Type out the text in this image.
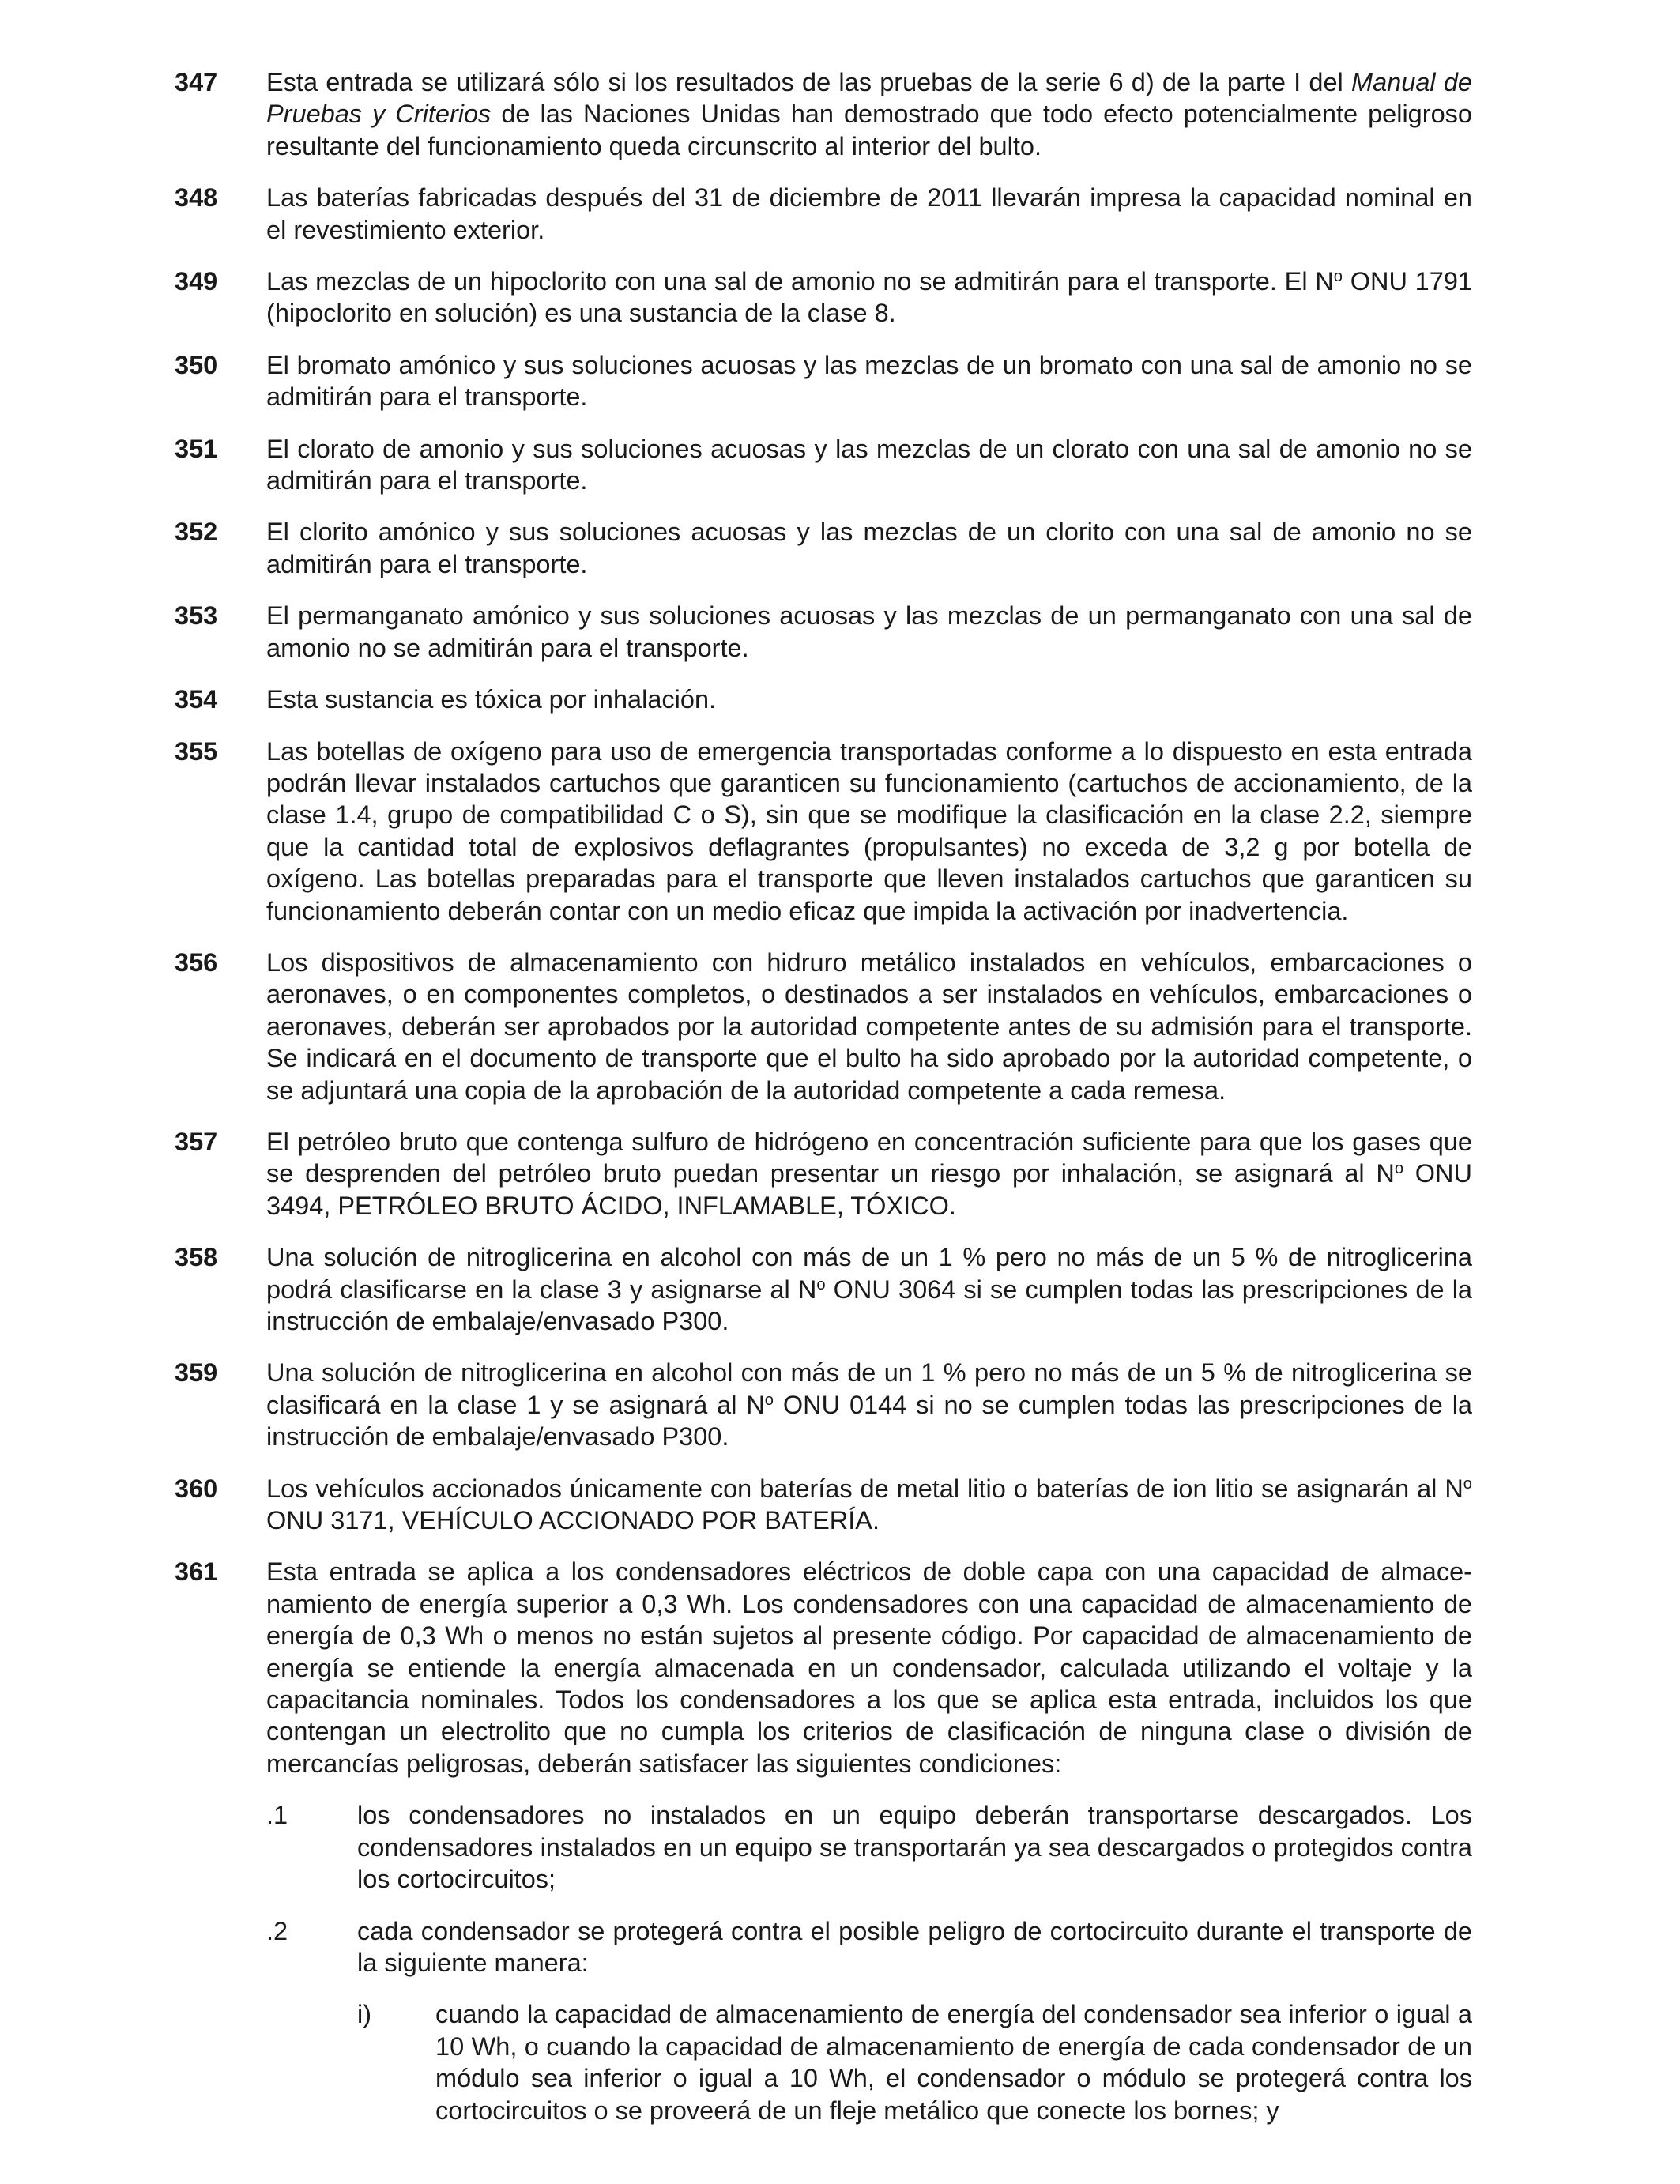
347	Esta entrada se utilizará sólo si los resultados de las pruebas de la serie 6 d) de la parte I del Manual de Pruebas y Criterios de las Naciones Unidas han demostrado que todo efecto potencialmente peligroso resultante del funcionamiento queda circunscrito al interior del bulto.
348	Las baterías fabricadas después del 31 de diciembre de 2011 llevarán impresa la capacidad nominal en el revestimiento exterior.
349	Las mezclas de un hipoclorito con una sal de amonio no se admitirán para el transporte. El $N^o$ ONU 1791 (hipoclorito en solución) es una sustancia de la clase 8.
350	El bromato amónico y sus soluciones acuosas y las mezclas de un bromato con una sal de amonio no se admitirán para el transporte.
351	El clorato de amonio y sus soluciones acuosas y las mezclas de un clorato con una sal de amonio no se admitirán para el transporte.
352	El clorito amónico y sus soluciones acuosas y las mezclas de un clorito con una sal de amonio no se admitirán para el transporte.
353	El permanganato amónico y sus soluciones acuosas y las mezclas de un permanganato con una sal de amonio no se admitirán para el transporte.
354	Esta sustancia es tóxica por inhalación.
355	Las botellas de oxígeno para uso de emergencia transportadas conforme a lo dispuesto en esta entrada podrán llevar instalados cartuchos que garanticen su funcionamiento (cartuchos de accionamiento, de la clase 1.4, grupo de compatibilidad C o S), sin que se modifique la clasificación en la clase 2.2, siempre que la cantidad total de explosivos deflagrantes (propulsantes) no exceda de 3,2 g por botella de oxígeno. Las botellas preparadas para el transporte que lleven instalados cartuchos que garanticen su funcionamiento deberán contar con un medio eficaz que impida la activación por inadvertencia.
356	Los dispositivos de almacenamiento con hidruro metálico instalados en vehículos, embarcaciones o aeronaves, o en componentes completos, o destinados a ser instalados en vehículos, embarcaciones o aeronaves, deberán ser aprobados por la autoridad competente antes de su admisión para el transporte. Se indicará en el documento de transporte que el bulto ha sido aprobado por la autoridad competente, o se adjuntará una copia de la aprobación de la autoridad competente a cada remesa.
357	El petróleo bruto que contenga sulfuro de hidrógeno en concentración suficiente para que los gases que se desprenden del petróleo bruto puedan presentar un riesgo por inhalación, se asignará al $N^o$ ONU 3494, PETRÓLEO BRUTO ÁCIDO, INFLAMABLE, TÓXICO.
358	Una solución de nitroglicerina en alcohol con más de un 1 % pero no más de un 5 % de nitroglicerina podrá clasificarse en la clase 3 y asignarse al $N^o$ ONU 3064 si se cumplen todas las prescripciones de la instrucción de embalaje/envasado P300.
359	Una solución de nitroglicerina en alcohol con más de un 1 % pero no más de un 5 % de nitroglicerina se clasificará en la clase 1 y se asignará al $N^o$ ONU 0144 si no se cumplen todas las prescripciones de la instrucción de embalaje/envasado P300.
360	Los vehículos accionados únicamente con baterías de metal litio o baterías de ion litio se asignarán al $N^o$ ONU 3171, VEHÍCULO ACCIONADO POR BATERÍA.
361	Esta entrada se aplica a los condensadores eléctricos de doble capa con una capacidad de almacenamiento de energía superior a 0,3 Wh. Los condensadores con una capacidad de almacenamiento de energía de 0,3 Wh o menos no están sujetos al presente código. Por capacidad de almacenamiento de energía se entiende la energía almacenada en un condensador, calculada utilizando el voltaje y la capacitancia nominales. Todos los condensadores a los que se aplica esta entrada, incluidos los que contengan un electrolito que no cumpla los criterios de clasificación de ninguna clase o división de mercancías peligrosas, deberán satisfacer las siguientes condiciones:
.1	los condensadores no instalados en un equipo deberán transportarse descargados. Los condensadores instalados en un equipo se transportarán ya sea descargados o protegidos contra los cortocircuitos;
.2	cada condensador se protegerá contra el posible peligro de cortocircuito durante el transporte de la siguiente manera:
i)	cuando la capacidad de almacenamiento de energía del condensador sea inferior o igual a 10 Wh, o cuando la capacidad de almacenamiento de energía de cada condensador de un módulo sea inferior o igual a 10 Wh, el condensador o módulo se protegerá contra los cortocircuitos o se proveerá de un fleje metálico que conecte los bornes; y
